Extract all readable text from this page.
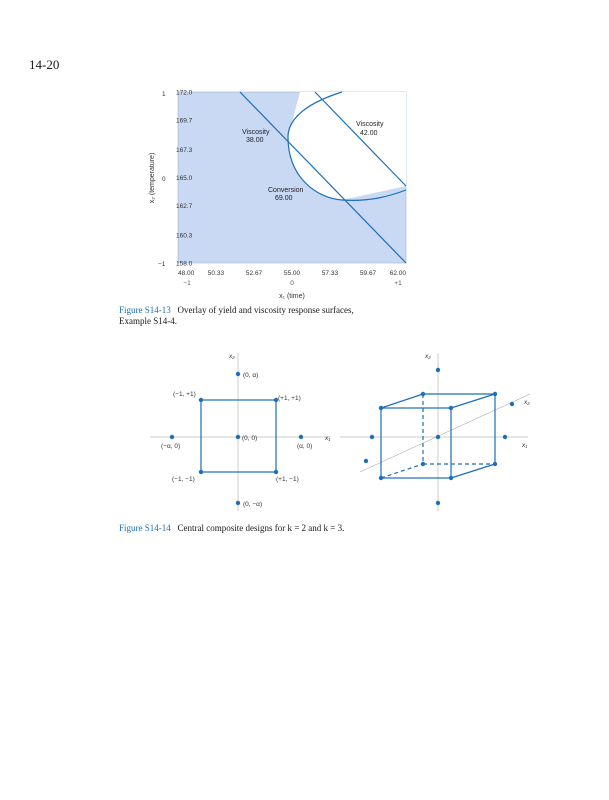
14-20
Viscosity
38.00
Viscosity
42.00
Conversion
69.00
48.00 50.33	52.67	55.00	57.33	59.67 62.00
172.0
169.7
167.3
165.0
162.7
160.3
158.0
1
0
−1
−1	0	+1
x₁ (time)
x₂ (temperature)
Figure S14-13 Overlay of yield and viscosity response surfaces,
Example S14-4.
x₂
x₁
(0, α)
(−1, +1)
(+1, +1)
(−α, 0)
(0, 0)
(α, 0)
(−1, −1)	(+1, −1)
(0, −α)
x₂
x₁
x₂
Figure S14-14 Central composite designs for k = 2 and k = 3.
